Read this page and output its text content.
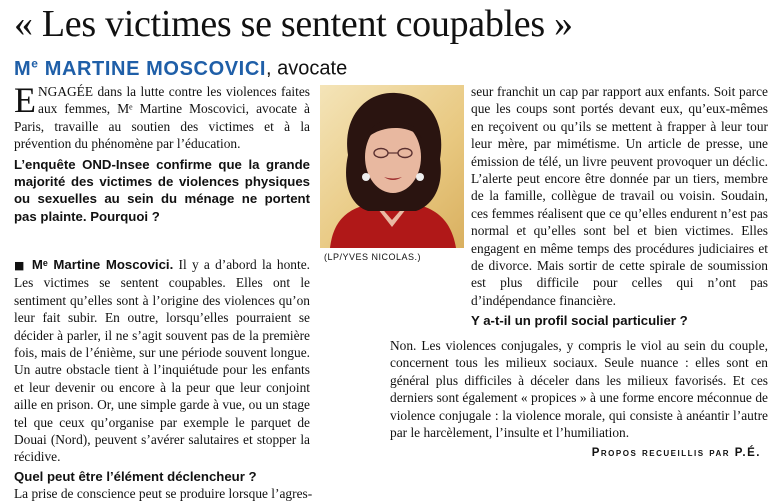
« Les victimes se sentent coupables »
Me MARTINE MOSCOVICI, avocate

ENGAGÉE dans la lutte contre les violences faites aux femmes, Mᵉ Martine Moscovici, avocate à Paris, travaille au soutien des victimes et à la prévention du phénomène par l’éducation.

L’enquête OND-Insee confirme que la grande majorité des victimes de violences physiques ou sexuelles au sein du ménage ne portent pas plainte. Pourquoi ?

(LP/YVES NICOLAS.)

■ Mᵉ Martine Moscovici. Il y a d’abord la honte. Les victimes se sentent coupables. Elles ont le sentiment qu’elles sont à l’origine des violences qu’on leur fait subir. En outre, lorsqu’elles pourraient se décider à parler, il ne s’agit souvent pas de la première fois, mais de l’énième, sur une période souvent longue. Un autre obstacle tient à l’inquiétude pour les enfants et leur devenir ou encore à la peur que leur conjoint aille en prison. Or, une simple garde à vue, ou un stage tel que ceux qu’organise par exemple le parquet de Douai (Nord), peuvent s’avérer salutaires et stopper la récidive.

Quel peut être l’élément déclencheur ?

La prise de conscience peut se produire lorsque l’agres-

seur franchit un cap par rapport aux enfants. Soit parce que les coups sont portés devant eux, qu’eux-mêmes en reçoivent ou qu’ils se mettent à frapper à leur tour leur mère, par mimétisme. Un article de presse, une émission de télé, un livre peuvent provoquer un déclic. L’alerte peut encore être donnée par un tiers, membre de la famille, collègue de travail ou voisin. Soudain, ces femmes réalisent que ce qu’elles endurent n’est pas normal et qu’elles sont bel et bien victimes. Elles engagent en même temps des procédures judiciaires et de divorce. Mais sortir de cette spirale de soumission est plus difficile pour celles qui n’ont pas d’indépendance financière.

Y a-t-il un profil social particulier ?

Non. Les violences conjugales, y compris le viol au sein du couple, concernent tous les milieux sociaux. Seule nuance : elles sont en général plus difficiles à déceler dans les milieux favorisés. Et ces derniers sont également « propices » à une forme encore méconnue de violence conjugale : la violence morale, qui consiste à anéantir l’autre par le harcèlement, l’insulte et l’humiliation.

Propos recueillis par P.É.
